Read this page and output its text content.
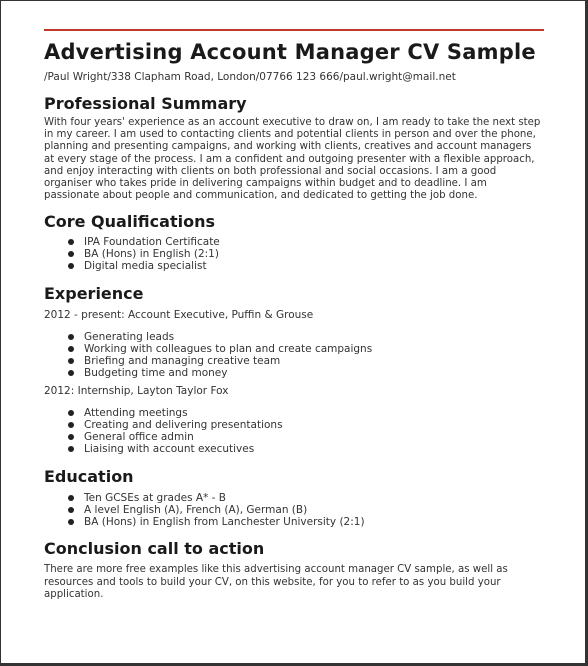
Advertising Account Manager CV Sample
/Paul Wright/338 Clapham Road, London/07766 123 666/paul.wright@mail.net
Professional Summary

With four years' experience as an account executive to draw on, I am ready to take the next step in my career. I am used to contacting clients and potential clients in person and over the phone, planning and presenting campaigns, and working with clients, creatives and account managers at every stage of the process. I am a confident and outgoing presenter with a flexible approach, and enjoy interacting with clients on both professional and social occasions. I am a good organiser who takes pride in delivering campaigns within budget and to deadline. I am passionate about people and communication, and dedicated to getting the job done.

Core Qualifications
IPA Foundation Certificate
BA (Hons) in English (2:1)
Digital media specialist
Experience
2012 - present: Account Executive, Puffin & Grouse
Generating leads
Working with colleagues to plan and create campaigns
Briefing and managing creative team
Budgeting time and money
2012: Internship, Layton Taylor Fox
Attending meetings
Creating and delivering presentations
General office admin
Liaising with account executives
Education
Ten GCSEs at grades A* - B
A level English (A), French (A), German (B)
BA (Hons) in English from Lanchester University (2:1)
Conclusion call to action

There are more free examples like this advertising account manager CV sample, as well as resources and tools to build your CV, on this website, for you to refer to as you build your application.
